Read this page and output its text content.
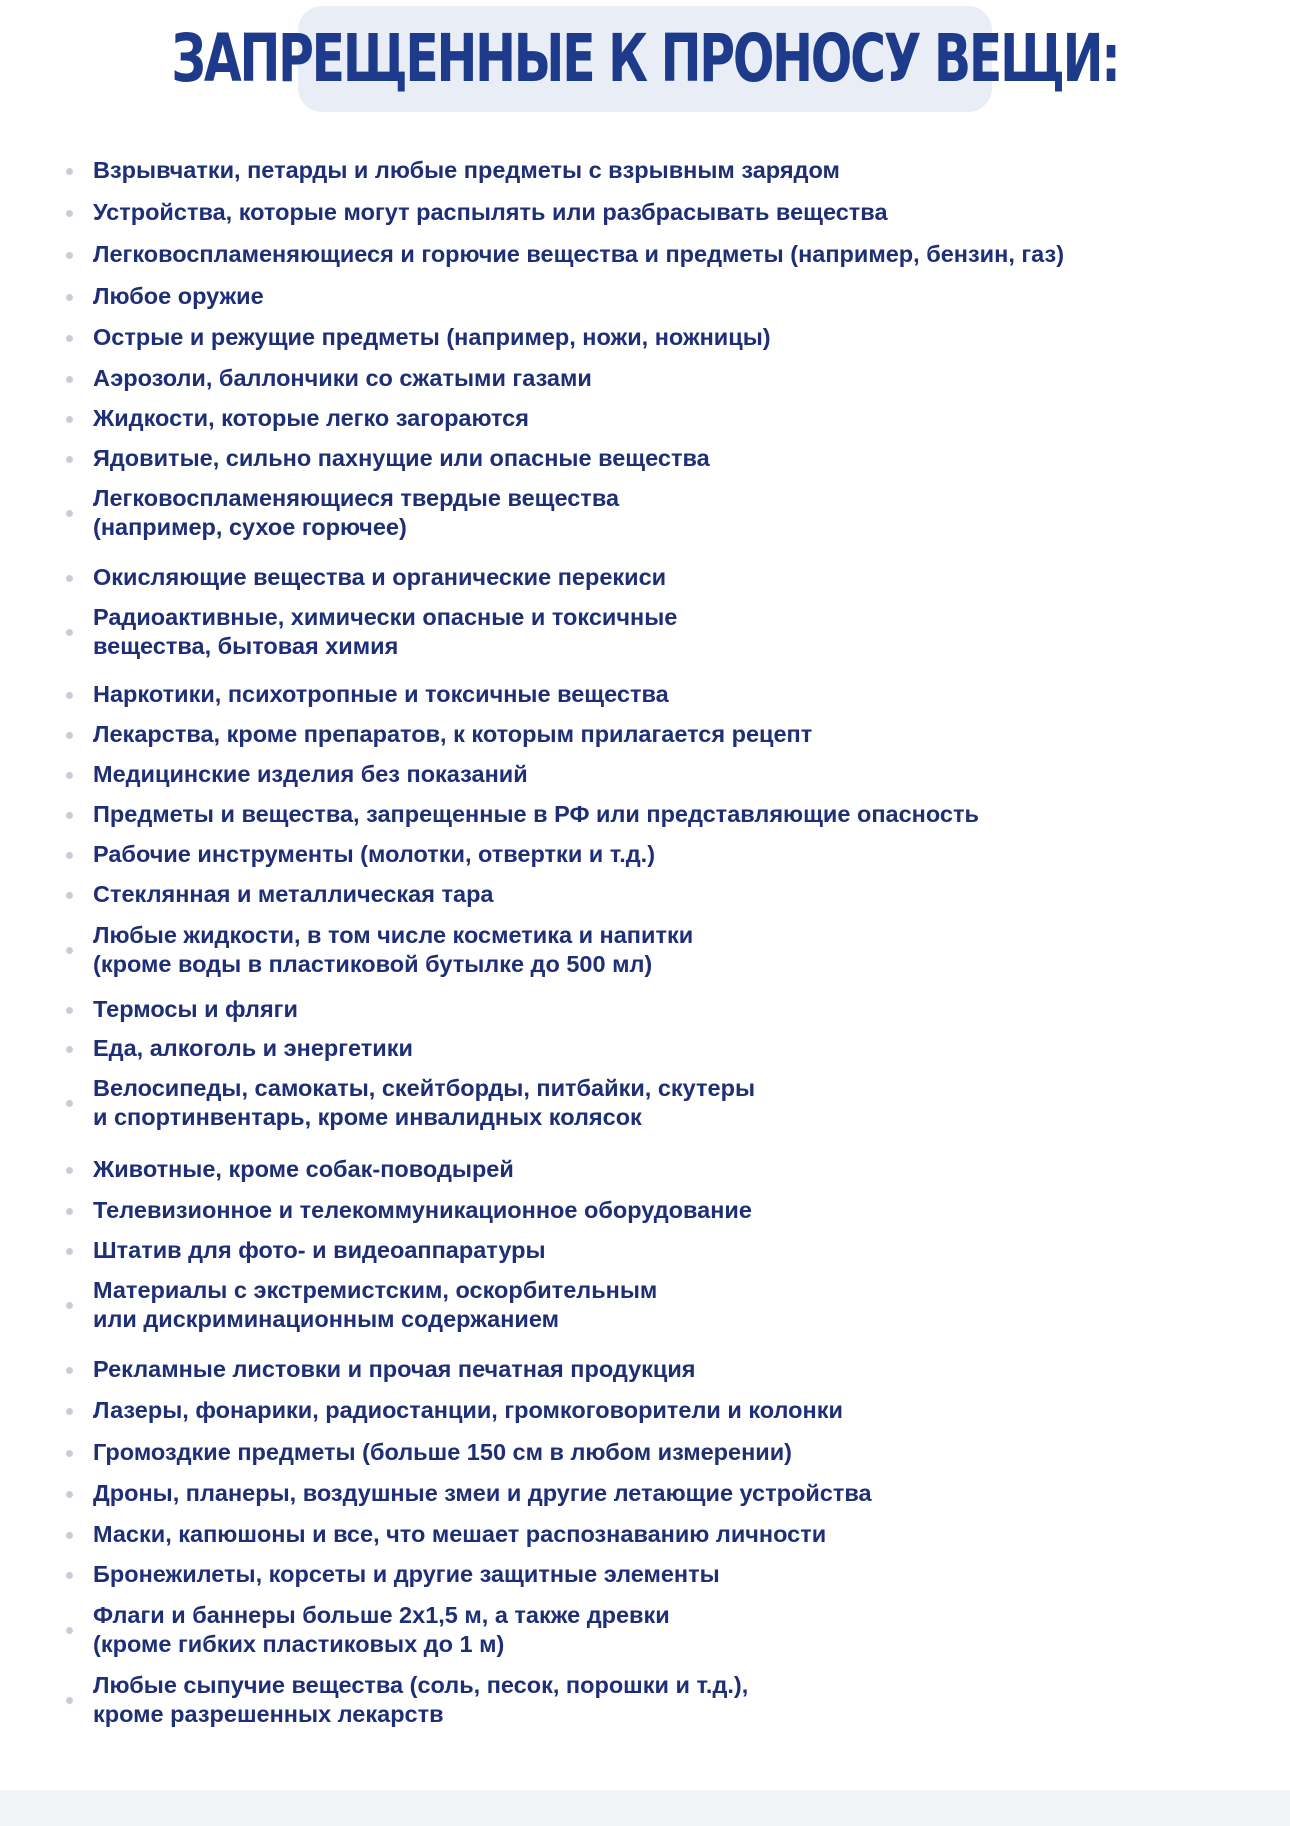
ЗАПРЕЩЕННЫЕ К ПРОНОСУ ВЕЩИ:
Взрывчатки, петарды и любые предметы с взрывным зарядом
Устройства, которые могут распылять или разбрасывать вещества
Легковоспламеняющиеся и горючие вещества и предметы (например, бензин, газ)
Любое оружие
Острые и режущие предметы (например, ножи, ножницы)
Аэрозоли, баллончики со сжатыми газами
Жидкости, которые легко загораются
Ядовитые, сильно пахнущие или опасные вещества
Легковоспламеняющиеся твердые вещества
(например, сухое горючее)
Окисляющие вещества и органические перекиси
Радиоактивные, химически опасные и токсичные
вещества, бытовая химия
Наркотики, психотропные и токсичные вещества
Лекарства, кроме препаратов, к которым прилагается рецепт
Медицинские изделия без показаний
Предметы и вещества, запрещенные в РФ или представляющие опасность
Рабочие инструменты (молотки, отвертки и т.д.)
Стеклянная и металлическая тара
Любые жидкости, в том числе косметика и напитки
(кроме воды в пластиковой бутылке до 500 мл)
Термосы и фляги
Еда, алкоголь и энергетики
Велосипеды, самокаты, скейтборды, питбайки, скутеры
и спортинвентарь, кроме инвалидных колясок
Животные, кроме собак-поводырей
Телевизионное и телекоммуникационное оборудование
Штатив для фото- и видеоаппаратуры
Материалы с экстремистским, оскорбительным
или дискриминационным содержанием
Рекламные листовки и прочая печатная продукция
Лазеры, фонарики, радиостанции, громкоговорители и колонки
Громоздкие предметы (больше 150 см в любом измерении)
Дроны, планеры, воздушные змеи и другие летающие устройства
Маски, капюшоны и все, что мешает распознаванию личности
Бронежилеты, корсеты и другие защитные элементы
Флаги и баннеры больше 2х1,5 м, а также древки
(кроме гибких пластиковых до 1 м)
Любые сыпучие вещества (соль, песок, порошки и т.д.),
кроме разрешенных лекарств
